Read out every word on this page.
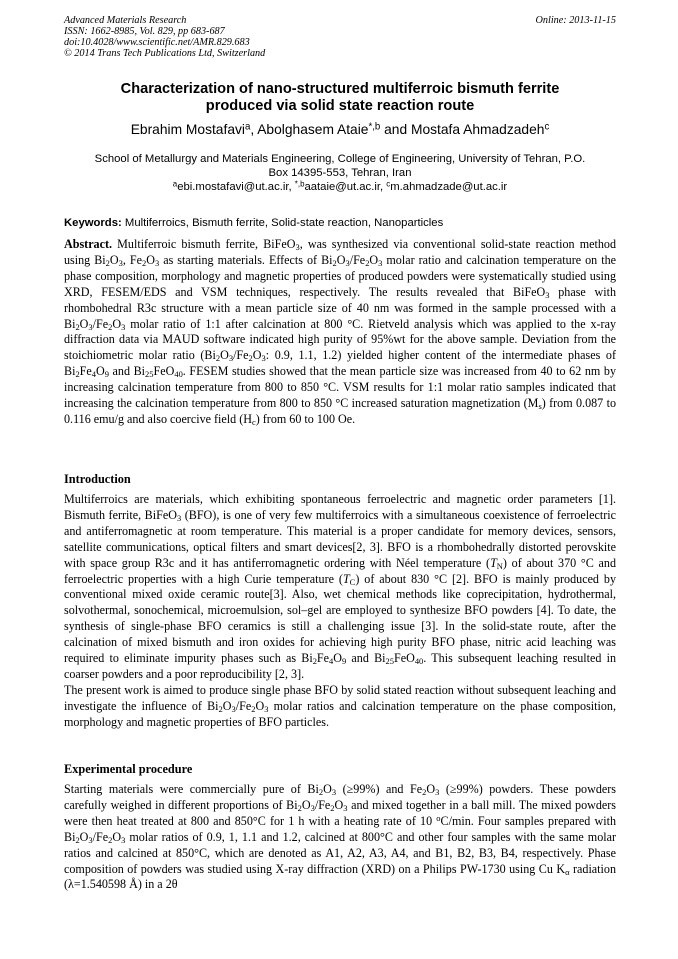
Advanced Materials Research
ISSN: 1662-8985, Vol. 829, pp 683-687
doi:10.4028/www.scientific.net/AMR.829.683
© 2014 Trans Tech Publications Ltd, Switzerland
Online: 2013-11-15
Characterization of nano-structured multiferroic bismuth ferrite
produced via solid state reaction route
Ebrahim Mostafavi$^a$, Abolghasem Ataie$^{*,b}$ and Mostafa Ahmadzadeh$^c$
School of Metallurgy and Materials Engineering, College of Engineering, University of Tehran, P.O.
Box 14395-553, Tehran, Iran
$^a$ebi.mostafavi@ut.ac.ir, $^{*,b}$aataie@ut.ac.ir, $^c$m.ahmadzade@ut.ac.ir
Keywords: Multiferroics, Bismuth ferrite, Solid-state reaction, Nanoparticles

Abstract. Multiferroic bismuth ferrite, BiFeO$_3$, was synthesized via conventional solid-state reaction method using $Bi_2O_3$, $Fe_2O_3$ as starting materials. Effects of $Bi_2O_3/Fe_2O_3$ molar ratio and calcination temperature on the phase composition, morphology and magnetic properties of produced powders were systematically studied using XRD, FESEM/EDS and VSM techniques, respectively. The results revealed that BiFeO$_3$ phase with rhombohedral R3c structure with a mean particle size of 40 nm was formed in the sample processed with a $Bi_2O_3/Fe_2O_3$ molar ratio of 1:1 after calcination at 800 °C. Rietveld analysis which was applied to the x-ray diffraction data via MAUD software indicated high purity of 95%wt for the above sample. Deviation from the stoichiometric molar ratio ($Bi_2O_3/Fe_2O_3$: 0.9, 1.1, 1.2) yielded higher content of the intermediate phases of $Bi_2Fe_4O_9$ and $Bi_{25}FeO_{40}$. FESEM studies showed that the mean particle size was increased from 40 to 62 nm by increasing calcination temperature from 800 to 850 °C. VSM results for 1:1 molar ratio samples indicated that increasing the calcination temperature from 800 to 850 °C increased saturation magnetization $(M_s)$ from 0.087 to 0.116 emu/g and also coercive field $(H_c)$ from 60 to 100 Oe.

Introduction

Multiferroics are materials, which exhibiting spontaneous ferroelectric and magnetic order parameters [1]. Bismuth ferrite, BiFeO$_3$ (BFO), is one of very few multiferroics with a simultaneous coexistence of ferroelectric and antiferromagnetic at room temperature. This material is a proper candidate for memory devices, sensors, satellite communications, optical filters and smart devices[2, 3]. BFO is a rhombohedrally distorted perovskite with space group R3c and it has antiferromagnetic ordering with Néel temperature $(T_N)$ of about 370 °C and ferroelectric properties with a high Curie temperature $(T_C)$ of about 830 °C [2]. BFO is mainly produced by conventional mixed oxide ceramic route[3]. Also, wet chemical methods like coprecipitation, hydrothermal, solvothermal, sonochemical, microemulsion, sol–gel are employed to synthesize BFO powders [4]. To date, the synthesis of single-phase BFO ceramics is still a challenging issue [3]. In the solid-state route, after the calcination of mixed bismuth and iron oxides for achieving high purity BFO phase, nitric acid leaching was required to eliminate impurity phases such as $Bi_2Fe_4O_9$ and $Bi_{25}FeO_{40}$. This subsequent leaching resulted in coarser powders and a poor reproducibility [2, 3].

The present work is aimed to produce single phase BFO by solid stated reaction without subsequent leaching and investigate the influence of $Bi_2O_3/Fe_2O_3$ molar ratios and calcination temperature on the phase composition, morphology and magnetic properties of BFO particles.

Experimental procedure

Starting materials were commercially pure of $Bi_2O_3$ (≥99%) and $Fe_2O_3$ (≥99%) powders. These powders carefully weighed in different proportions of $Bi_2O_3/Fe_2O_3$ and mixed together in a ball mill. The mixed powders were then heat treated at 800 and 850°C for 1 h with a heating rate of 10 $^o$C/min. Four samples prepared with $Bi_2O_3/Fe_2O_3$ molar ratios of 0.9, 1, 1.1 and 1.2, calcined at 800°C and other four samples with the same molar ratios and calcined at 850°C, which are denoted as A1, A2, A3, A4, and B1, B2, B3, B4, respectively. Phase composition of powders was studied using X-ray diffraction (XRD) on a Philips PW-1730 using Cu $K_\alpha$ radiation (λ=1.540598 Å) in a 2θ
